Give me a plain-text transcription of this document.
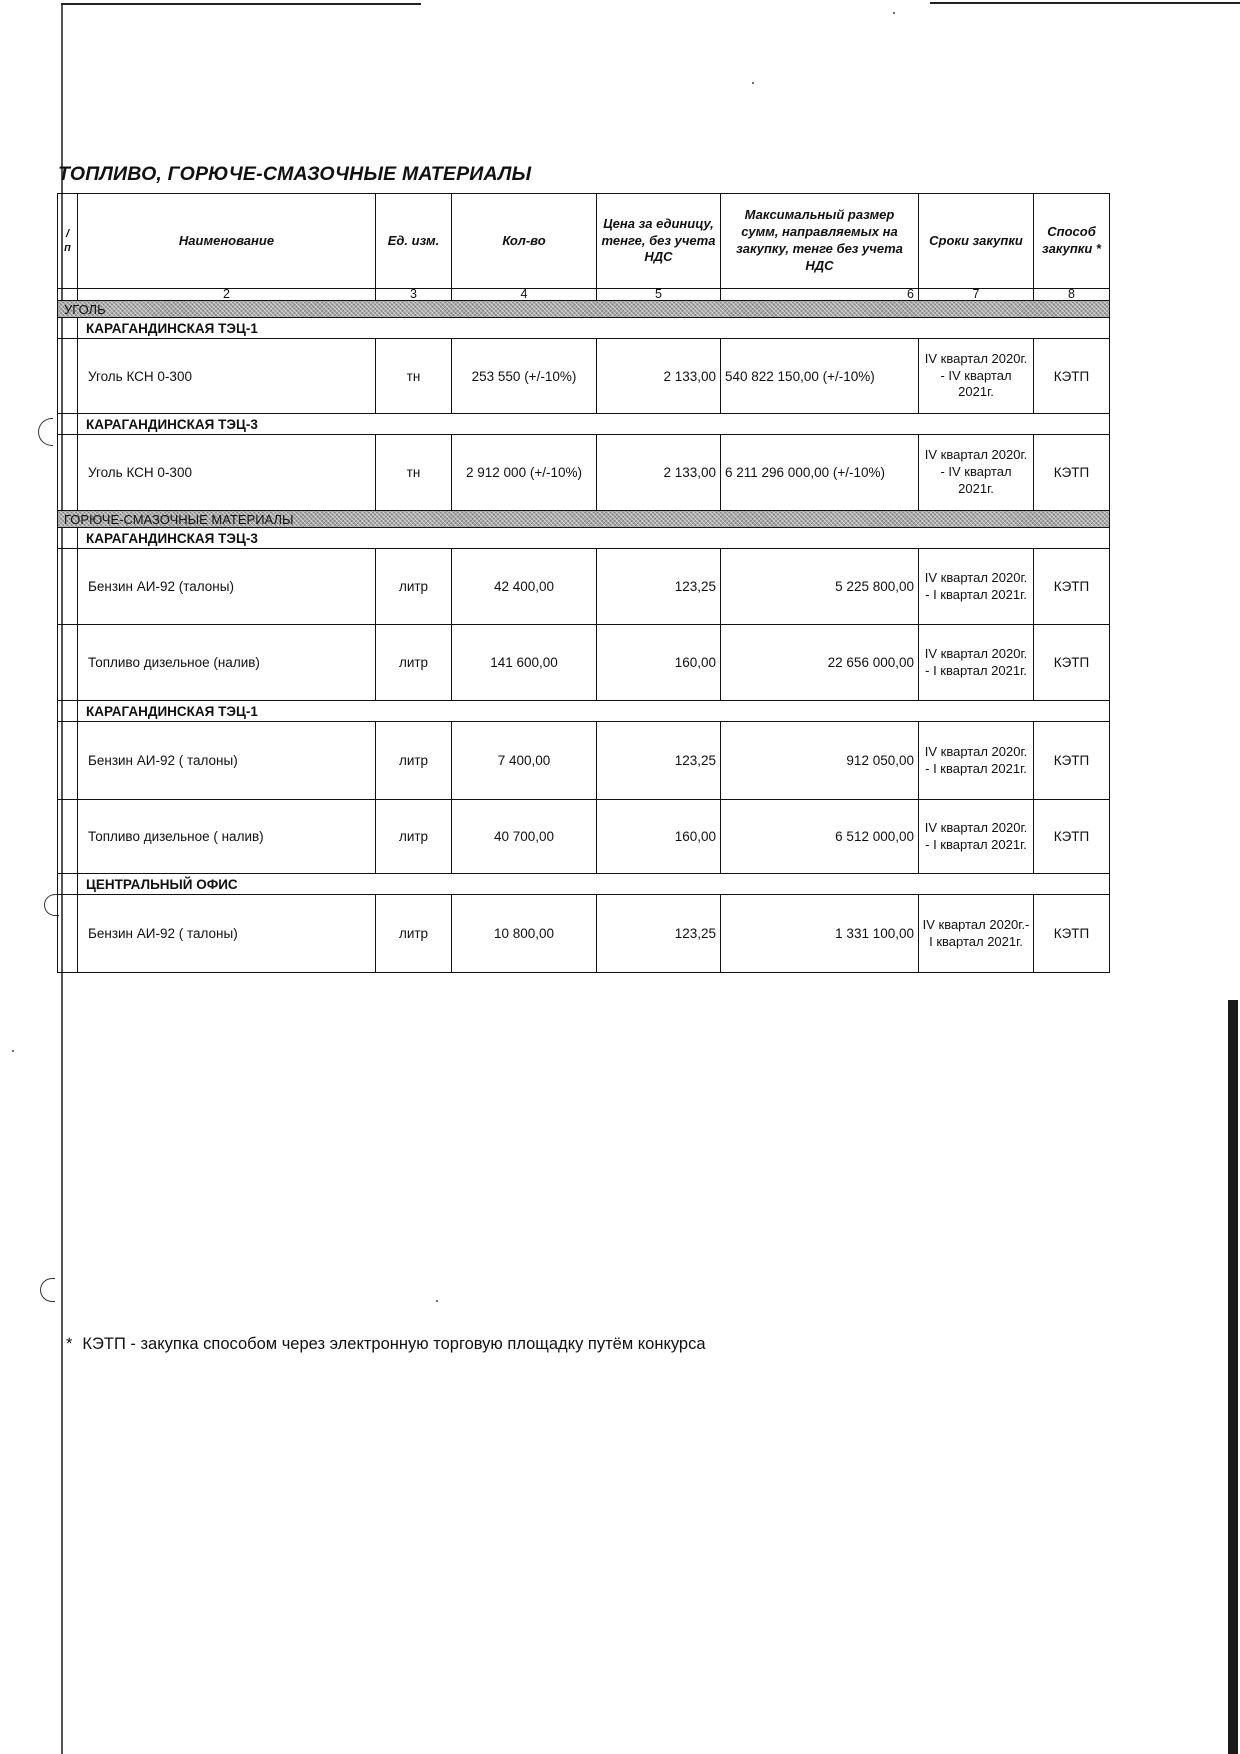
ТОПЛИВО, ГОРЮЧЕ-СМАЗОЧНЫЕ МАТЕРИАЛЫ
/ п	Наименование	Ед. изм.	Кол-во	Цена за единицу, тенге, без учета НДС	Максимальный размер сумм, направляемых на закупку, тенге без учета НДС	Сроки закупки	Способ закупки *
	2	3	4	5	6	7	8
УГОЛЬ							
	КАРАГАНДИНСКАЯ ТЭЦ-1						
	Уголь КСН 0-300	тн	253 550 (+/-10%)	2 133,00	540 822 150,00 (+/-10%)	IV квартал 2020г. - IV квартал 2021г.	КЭТП
	КАРАГАНДИНСКАЯ ТЭЦ-3						
	Уголь КСН 0-300	тн	2 912 000 (+/-10%)	2 133,00	6 211 296 000,00 (+/-10%)	IV квартал 2020г. - IV квартал 2021г.	КЭТП
ГОРЮЧЕ-СМАЗОЧНЫЕ МАТЕРИАЛЫ							
	КАРАГАНДИНСКАЯ ТЭЦ-3						
	Бензин АИ-92 (талоны)	литр	42 400,00	123,25	5 225 800,00	IV квартал 2020г. - I квартал 2021г.	КЭТП
	Топливо дизельное (налив)	литр	141 600,00	160,00	22 656 000,00	IV квартал 2020г. - I квартал 2021г.	КЭТП
	КАРАГАНДИНСКАЯ ТЭЦ-1						
	Бензин АИ-92 ( талоны)	литр	7 400,00	123,25	912 050,00	IV квартал 2020г. - I квартал 2021г.	КЭТП
	Топливо дизельное ( налив)	литр	40 700,00	160,00	6 512 000,00	IV квартал 2020г. - I квартал 2021г.	КЭТП
	ЦЕНТРАЛЬНЫЙ ОФИС						
	Бензин АИ-92 ( талоны)	литр	10 800,00	123,25	1 331 100,00	IV квартал 2020г.- I квартал 2021г.	КЭТП
* КЭТП - закупка способом через электронную торговую площадку путём конкурса
